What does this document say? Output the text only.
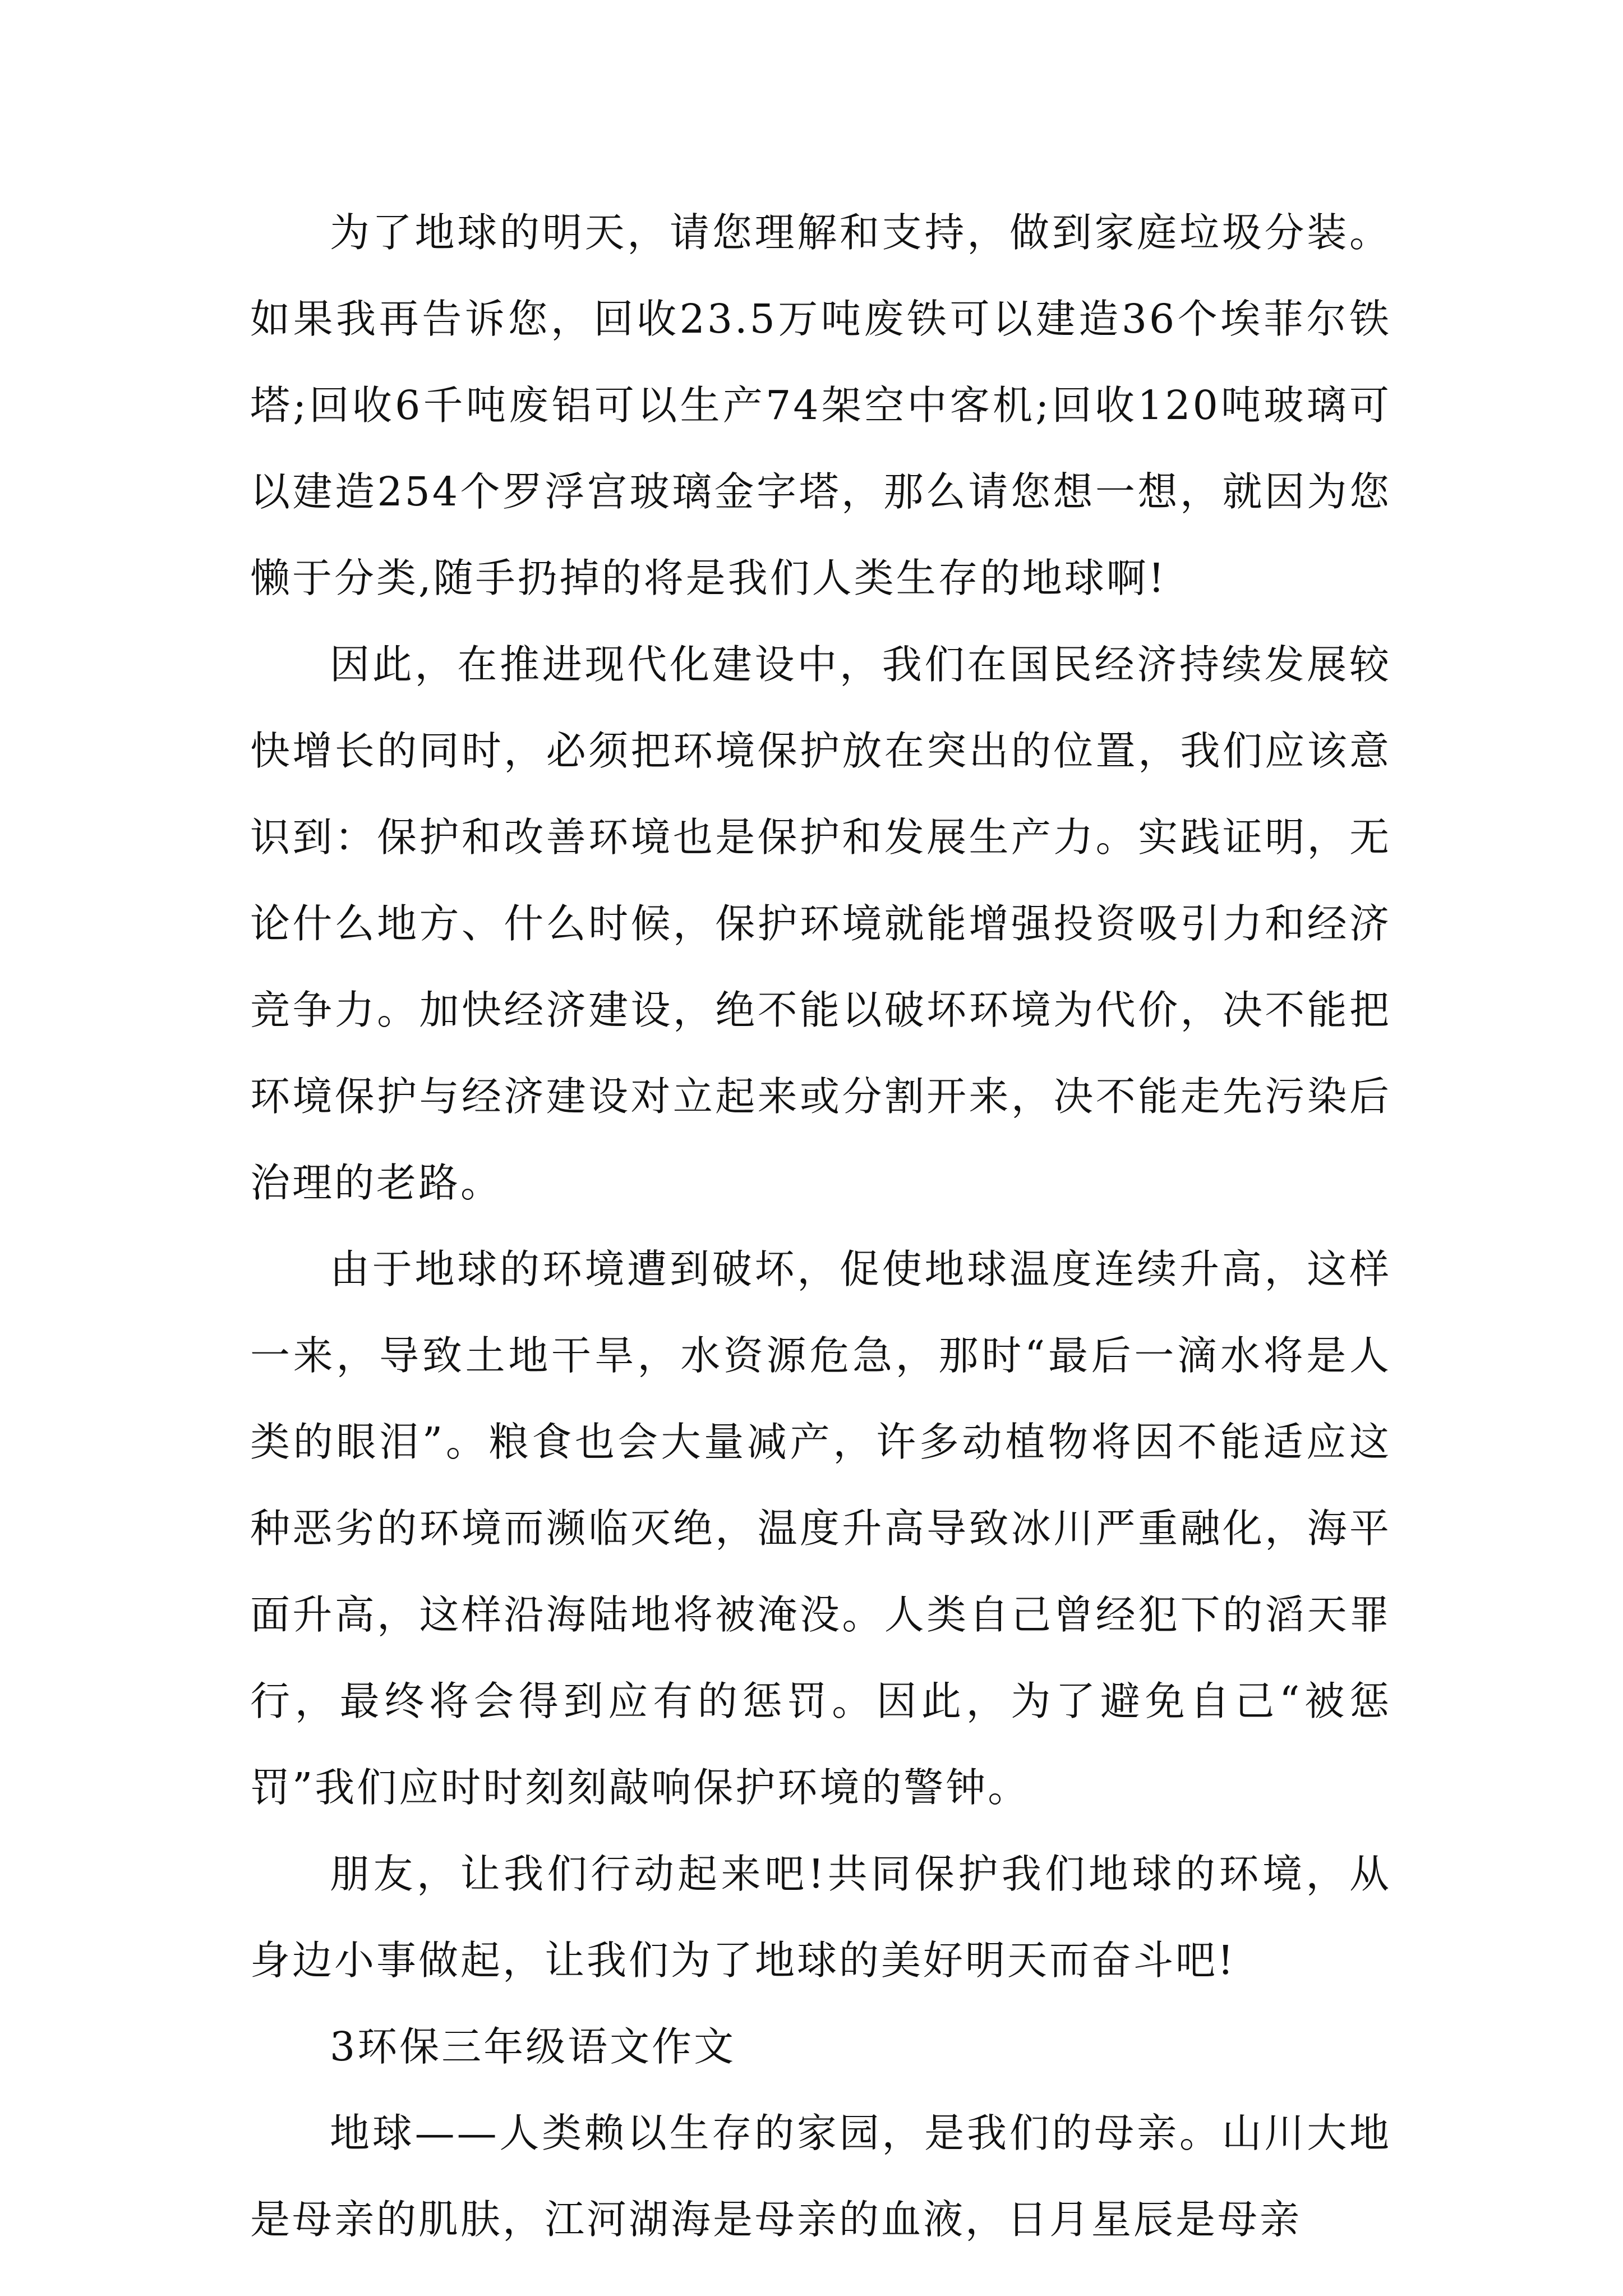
为了地球的明天，请您理解和支持，做到家庭垃圾分装。如果我再告诉您，回收23.5万吨废铁可以建造36个埃菲尔铁塔;回收6千吨废铝可以生产74架空中客机;回收120吨玻璃可以建造254个罗浮宫玻璃金字塔，那么请您想一想，就因为您懒于分类,随手扔掉的将是我们人类生存的地球啊!

因此，在推进现代化建设中，我们在国民经济持续发展较快增长的同时，必须把环境保护放在突出的位置，我们应该意识到：保护和改善环境也是保护和发展生产力。实践证明，无论什么地方、什么时候，保护环境就能增强投资吸引力和经济竞争力。加快经济建设，绝不能以破坏环境为代价，决不能把环境保护与经济建设对立起来或分割开来，决不能走先污染后治理的老路。

由于地球的环境遭到破坏，促使地球温度连续升高，这样一来，导致土地干旱，水资源危急，那时“最后一滴水将是人类的眼泪”。粮食也会大量减产，许多动植物将因不能适应这种恶劣的环境而濒临灭绝，温度升高导致冰川严重融化，海平面升高，这样沿海陆地将被淹没。人类自己曾经犯下的滔天罪行，最终将会得到应有的惩罚。因此，为了避免自己“被惩罚”我们应时时刻刻敲响保护环境的警钟。

朋友，让我们行动起来吧!共同保护我们地球的环境，从身边小事做起，让我们为了地球的美好明天而奋斗吧!

3环保三年级语文作文

地球——人类赖以生存的家园，是我们的母亲。山川大地是母亲的肌肤，江河湖海是母亲的血液，日月星辰是母亲
